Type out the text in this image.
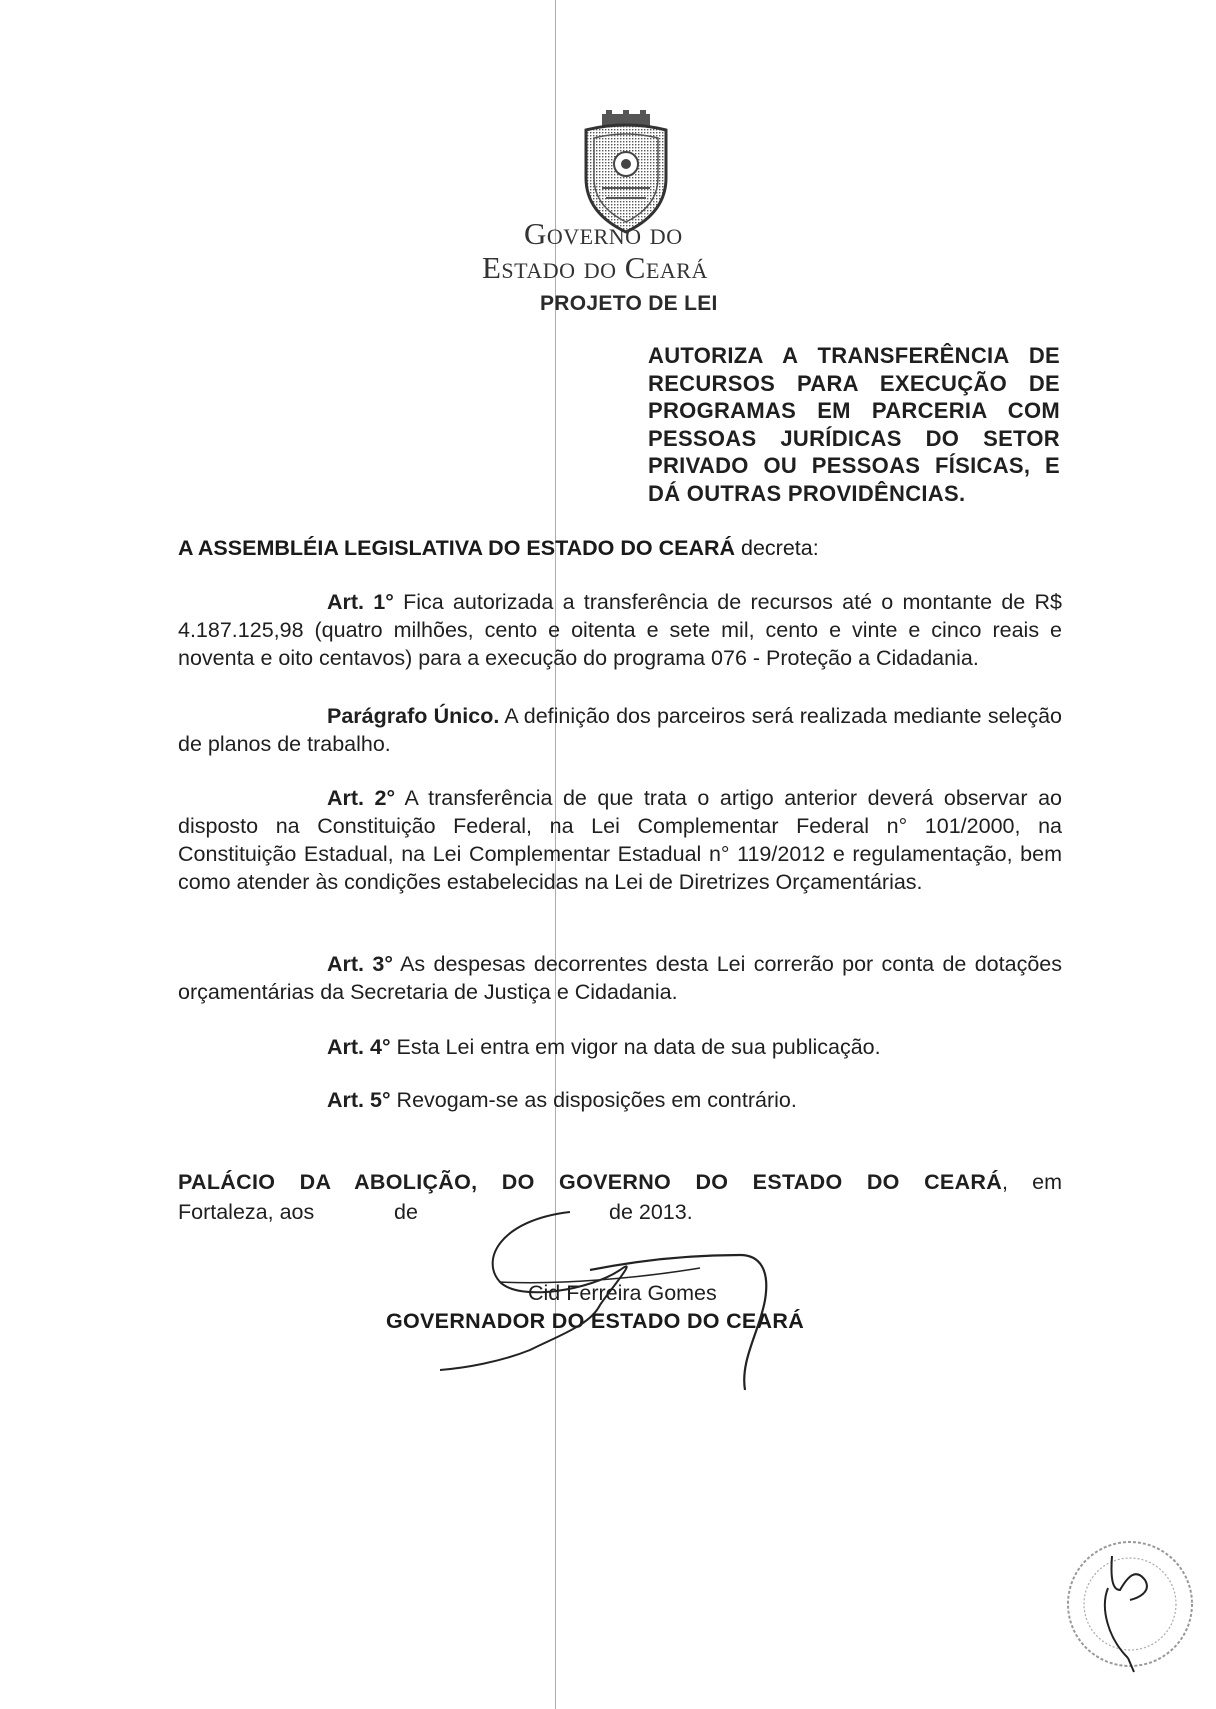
Governo do
Estado do Ceará
PROJETO DE LEI
AUTORIZA A TRANSFERÊNCIA DE RECURSOS PARA EXECUÇÃO DE PROGRAMAS EM PARCERIA COM PESSOAS JURÍDICAS DO SETOR PRIVADO OU PESSOAS FÍSICAS, E DÁ OUTRAS PROVIDÊNCIAS.
A ASSEMBLÉIA LEGISLATIVA DO ESTADO DO CEARÁ decreta:
Art. 1° Fica autorizada a transferência de recursos até o montante de R$ 4.187.125,98 (quatro milhões, cento e oitenta e sete mil, cento e vinte e cinco reais e noventa e oito centavos) para a execução do programa 076 - Proteção a Cidadania.
Parágrafo Único. A definição dos parceiros será realizada mediante seleção de planos de trabalho.
Art. 2° A transferência de que trata o artigo anterior deverá observar ao disposto na Constituição Federal, na Lei Complementar Federal n° 101/2000, na Constituição Estadual, na Lei Complementar Estadual n° 119/2012 e regulamentação, bem como atender às condições estabelecidas na Lei de Diretrizes Orçamentárias.
Art. 3° As despesas decorrentes desta Lei correrão por conta de dotações orçamentárias da Secretaria de Justiça e Cidadania.
Art. 4° Esta Lei entra em vigor na data de sua publicação.
Art. 5° Revogam-se as disposições em contrário.
PALÁCIO DA ABOLIÇÃO, DO GOVERNO DO ESTADO DO CEARÁ, em
Fortaleza, aos	de	de 2013.
Cid Ferreira Gomes
GOVERNADOR DO ESTADO DO CEARÁ
